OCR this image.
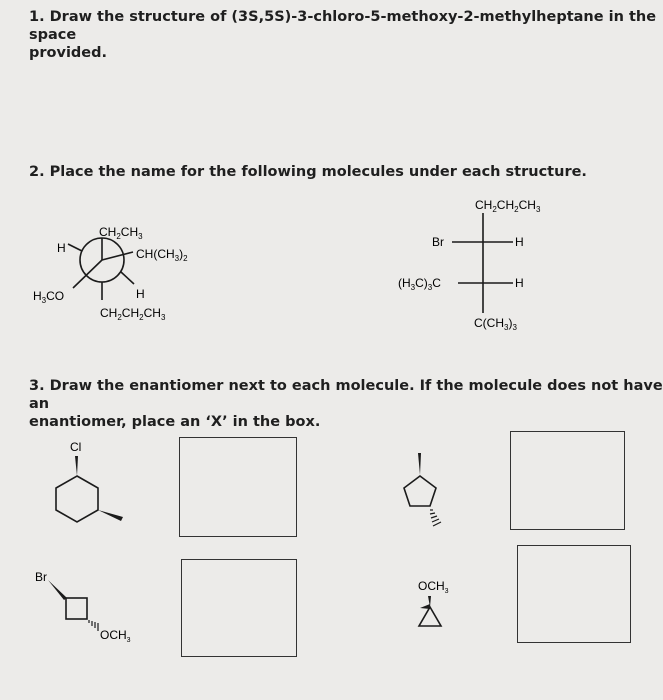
1. Draw the structure of (3S,5S)-3-chloro-5-methoxy-2-methylheptane in the space
provided.
2. Place the name for the following molecules under each structure.
3. Draw the enantiomer next to each molecule. If the molecule does not have an
enantiomer, place an ‘X’ in the box.
$CH_2CH_3$
$CH(CH_3)_2$
H
$H_3CO$	H
$CH_2CH_2CH_3$
$CH_2CH_2CH_3$
Br	H
$(H_3C)_3C$	H
$C(CH_3)_3$
Cl
Br
$OCH_3$
$OCH_3$
